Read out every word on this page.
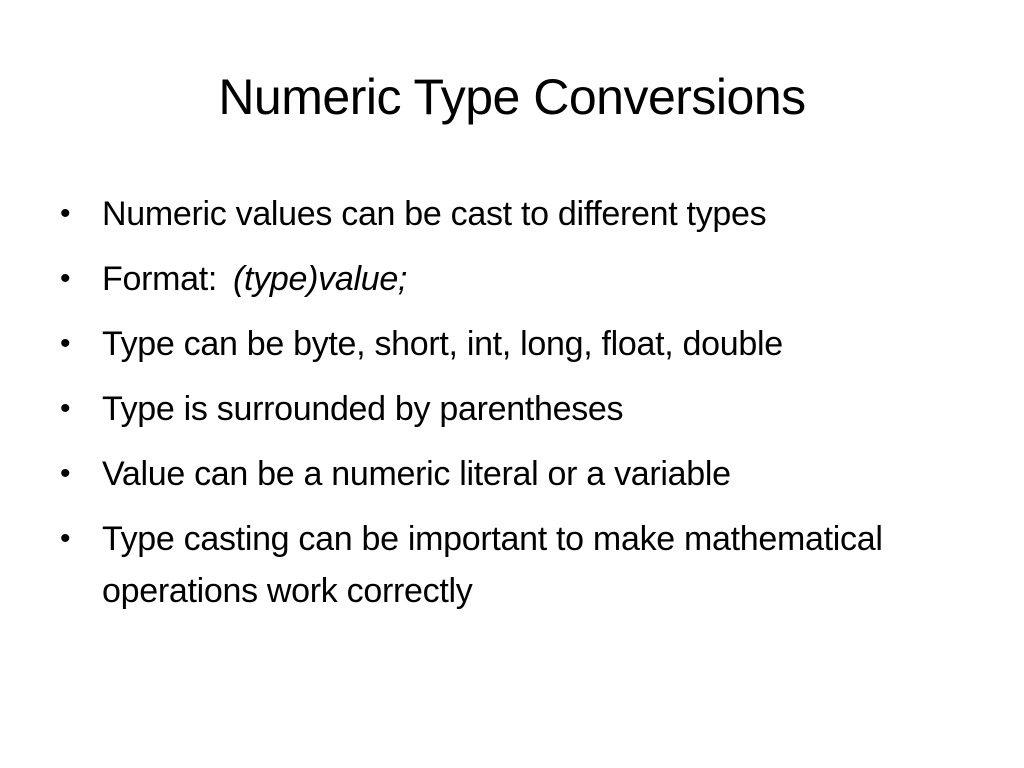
Numeric Type Conversions
• Numeric values can be cast to different types
• Format: (type)value;
• Type can be byte, short, int, long, float, double
• Type is surrounded by parentheses
• Value can be a numeric literal or a variable
• Type casting can be important to make mathematical operations work correctly
